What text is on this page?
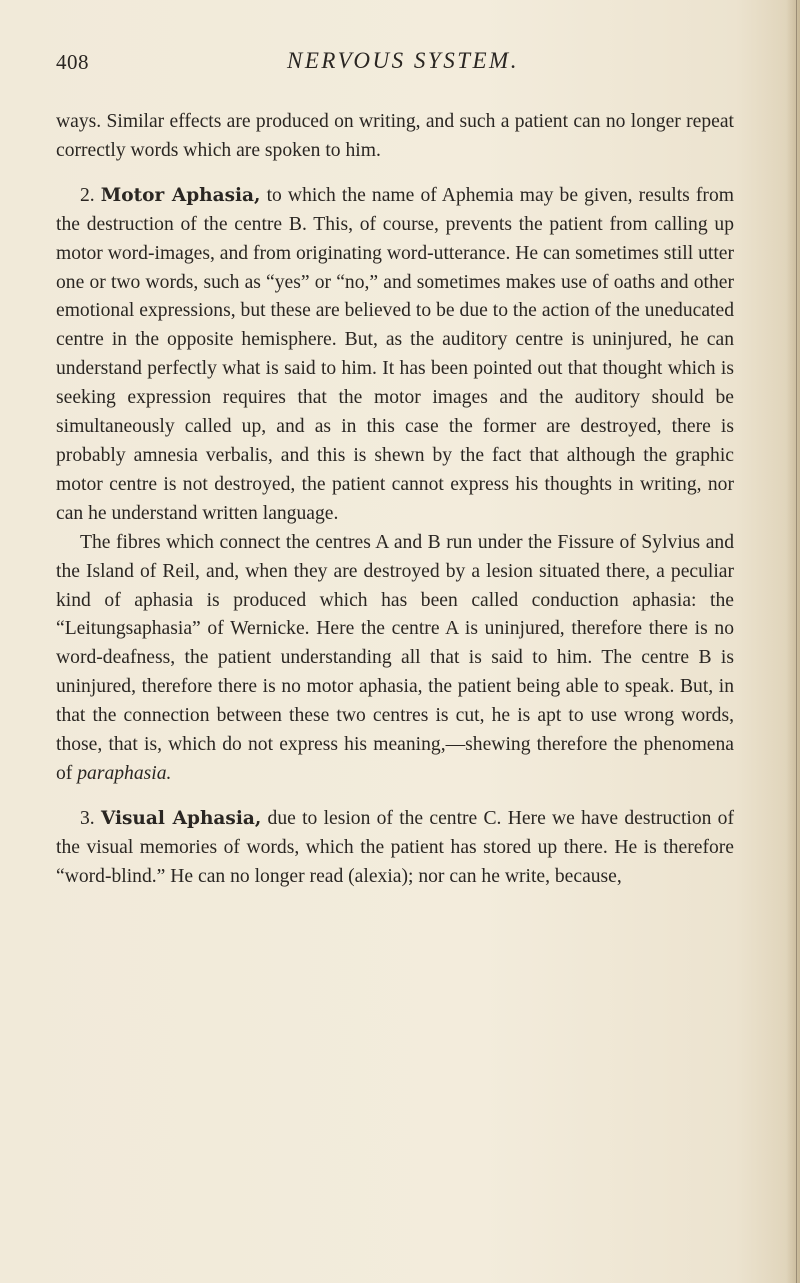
408	NERVOUS SYSTEM.

ways. Similar effects are produced on writing, and such a patient can no longer repeat correctly words which are spoken to him.

2. Motor Aphasia, to which the name of Aphemia may be given, results from the destruction of the centre B. This, of course, prevents the patient from calling up motor word-images, and from originating word-utterance. He can sometimes still utter one or two words, such as “yes” or “no,” and sometimes makes use of oaths and other emotional expressions, but these are believed to be due to the action of the uneducated centre in the opposite hemisphere. But, as the auditory centre is uninjured, he can understand perfectly what is said to him. It has been pointed out that thought which is seeking expression requires that the motor images and the auditory should be simultaneously called up, and as in this case the former are destroyed, there is probably amnesia verbalis, and this is shewn by the fact that although the graphic motor centre is not destroyed, the patient cannot express his thoughts in writing, nor can he understand written language.

The fibres which connect the centres A and B run under the Fissure of Sylvius and the Island of Reil, and, when they are destroyed by a lesion situated there, a peculiar kind of aphasia is produced which has been called conduction aphasia: the “Leitungsaphasia” of Wernicke. Here the centre A is uninjured, therefore there is no word-deafness, the patient understanding all that is said to him. The centre B is uninjured, therefore there is no motor aphasia, the patient being able to speak. But, in that the connection between these two centres is cut, he is apt to use wrong words, those, that is, which do not express his meaning,—shewing therefore the phenomena of paraphasia.

3. Visual Aphasia, due to lesion of the centre C. Here we have destruction of the visual memories of words, which the patient has stored up there. He is therefore “word-blind.” He can no longer read (alexia); nor can he write, because,
